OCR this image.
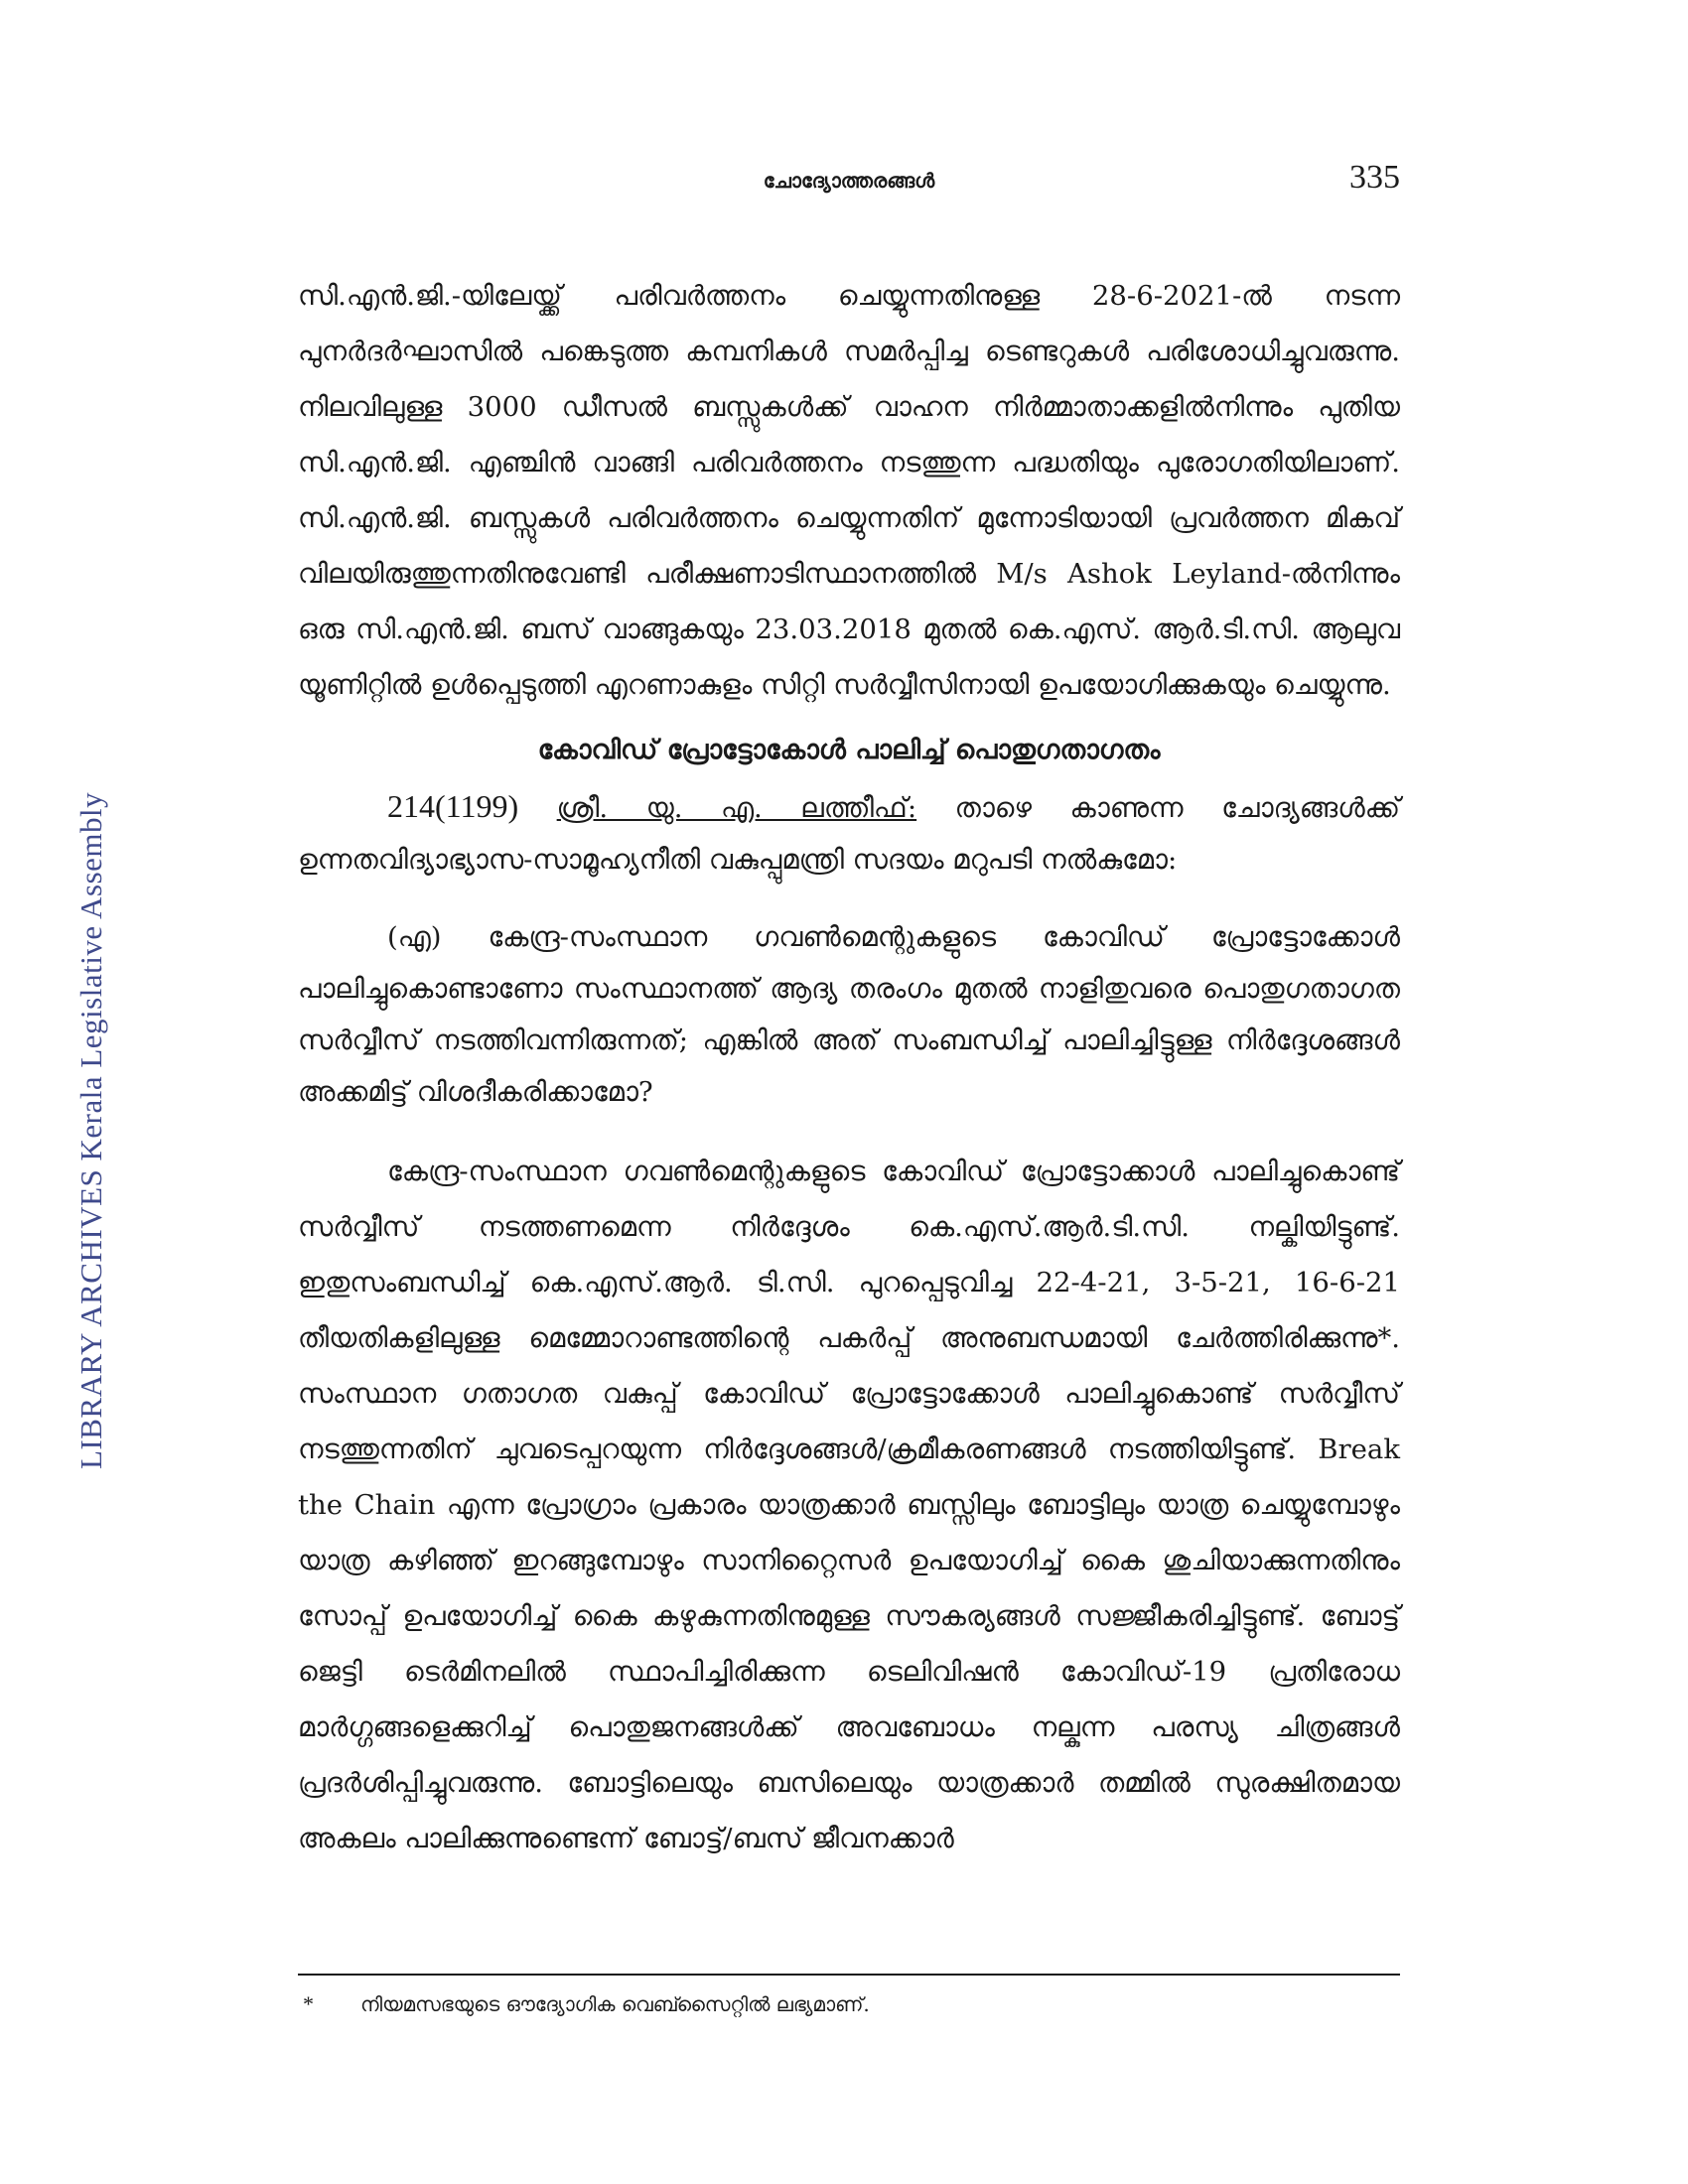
LIBRARY ARCHIVES Kerala Legislative Assembly
ചോദ്യോത്തരങ്ങൾ	335

സി.എൻ.ജി.-യിലേയ്ക്ക് പരിവർത്തനം ചെയ്യുന്നതിനുള്ള 28-6-2021-ൽ നടന്ന പുനർദർഘാസിൽ പങ്കെടുത്ത കമ്പനികൾ സമർപ്പിച്ച ടെണ്ടറുകൾ പരിശോധിച്ചുവരുന്നു. നിലവിലുള്ള 3000 ഡീസൽ ബസ്സുകൾക്ക് വാഹന നിർമ്മാതാക്കളിൽനിന്നും പുതിയ സി.എൻ.ജി. എഞ്ചിൻ വാങ്ങി പരിവർത്തനം നടത്തുന്ന പദ്ധതിയും പുരോഗതിയിലാണ്. സി.എൻ.ജി. ബസ്സുകൾ പരിവർത്തനം ചെയ്യുന്നതിന് മുന്നോടിയായി പ്രവർത്തന മികവ് വിലയിരുത്തുന്നതിനുവേണ്ടി പരീക്ഷണാടിസ്ഥാനത്തിൽ M/s Ashok Leyland-ൽനിന്നും ഒരു സി.എൻ.ജി. ബസ് വാങ്ങുകയും 23.03.2018 മുതൽ കെ.എസ്. ആർ.ടി.സി. ആലുവ യൂണിറ്റിൽ ഉൾപ്പെടുത്തി എറണാകുളം സിറ്റി സർവ്വീസിനായി ഉപയോഗിക്കുകയും ചെയ്യുന്നു.

കോവിഡ് പ്രോട്ടോകോൾ പാലിച്ച് പൊതുഗതാഗതം

214(1199) ശ്രീ. യു. എ. ലത്തീഫ്: താഴെ കാണുന്ന ചോദ്യങ്ങൾക്ക് ഉന്നതവിദ്യാഭ്യാസ-സാമൂഹ്യനീതി വകുപ്പുമന്ത്രി സദയം മറുപടി നൽകുമോ:

(എ) കേന്ദ്ര-സംസ്ഥാന ഗവൺമെന്റുകളുടെ കോവിഡ് പ്രോട്ടോക്കോൾ പാലിച്ചുകൊണ്ടാണോ സംസ്ഥാനത്ത് ആദ്യ തരംഗം മുതൽ നാളിതുവരെ പൊതുഗതാഗത സർവ്വീസ് നടത്തിവന്നിരുന്നത്; എങ്കിൽ അത് സംബന്ധിച്ച് പാലിച്ചിട്ടുള്ള നിർദ്ദേശങ്ങൾ അക്കമിട്ട് വിശദീകരിക്കാമോ?

കേന്ദ്ര-സംസ്ഥാന ഗവൺമെന്റുകളുടെ കോവിഡ് പ്രോട്ടോക്കാൾ പാലിച്ചുകൊണ്ട് സർവ്വീസ് നടത്തണമെന്ന നിർദ്ദേശം കെ.എസ്.ആർ.ടി.സി. നല്കിയിട്ടുണ്ട്. ഇതുസംബന്ധിച്ച് കെ.എസ്.ആർ. ടി.സി. പുറപ്പെടുവിച്ച 22-4-21, 3-5-21, 16-6-21 തീയതികളിലുള്ള മെമ്മോറാണ്ടത്തിന്റെ പകർപ്പ് അനുബന്ധമായി ചേർത്തിരിക്കുന്നു*. സംസ്ഥാന ഗതാഗത വകുപ്പ് കോവിഡ് പ്രോട്ടോക്കോൾ പാലിച്ചുകൊണ്ട് സർവ്വീസ് നടത്തുന്നതിന് ചുവടെപ്പറയുന്ന നിർദ്ദേശങ്ങൾ/ക്രമീകരണങ്ങൾ നടത്തിയിട്ടുണ്ട്. Break the Chain എന്ന പ്രോഗ്രാം പ്രകാരം യാത്രക്കാർ ബസ്സിലും ബോട്ടിലും യാത്ര ചെയ്യുമ്പോഴും യാത്ര കഴിഞ്ഞ് ഇറങ്ങുമ്പോഴും സാനിറ്റൈസർ ഉപയോഗിച്ച് കൈ ശുചിയാക്കുന്നതിനും സോപ്പ് ഉപയോഗിച്ച് കൈ കഴുകുന്നതിനുമുള്ള സൗകര്യങ്ങൾ സജ്ജീകരിച്ചിട്ടുണ്ട്. ബോട്ട് ജെട്ടി ടെർമിനലിൽ സ്ഥാപിച്ചിരിക്കുന്ന ടെലിവിഷൻ കോവിഡ്-19 പ്രതിരോധ മാർഗ്ഗങ്ങളെക്കുറിച്ച് പൊതുജനങ്ങൾക്ക് അവബോധം നല്കുന്ന പരസ്യ ചിത്രങ്ങൾ പ്രദർശിപ്പിച്ചുവരുന്നു. ബോട്ടിലെയും ബസിലെയും യാത്രക്കാർ തമ്മിൽ സുരക്ഷിതമായ അകലം പാലിക്കുന്നുണ്ടെന്ന് ബോട്ട്/ബസ് ജീവനക്കാർ

* നിയമസഭയുടെ ഔദ്യോഗിക വെബ്സൈറ്റിൽ ലഭ്യമാണ്.
